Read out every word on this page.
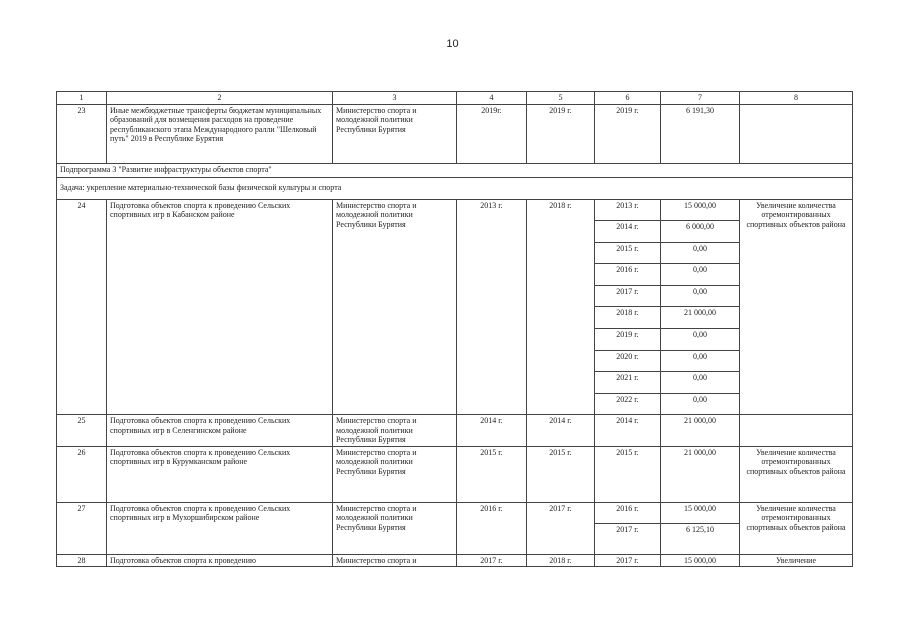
10
1	2	3	4	5	6	7	8
23	Иные межбюджетные трансферты бюджетам муниципальных образований для возмещения расходов на проведение республиканского этапа Международного ралли "Шелковый путь" 2019 в Республике Бурятия	Министерство спорта и молодежной политики Республики Бурятия	2019г.	2019 г.	2019 г.	6 191,30	
Подпрограмма 3 "Развитие инфраструктуры объектов спорта"							
Задача: укрепление материально-технической базы физической культуры и спорта							
24	Подготовка объектов спорта к проведению Сельских спортивных игр в Кабанском районе	Министерство спорта и молодежной политики Республики Бурятия	2013 г.	2018 г.	2013 г.	15 000,00	Увеличение количества отремонтированных спортивных объектов района
					2014 г.	6 000,00	
					2015 г.	0,00	
					2016 г.	0,00	
					2017 г.	0,00	
					2018 г.	21 000,00	
					2019 г.	0,00	
					2020 г.	0,00	
					2021 г.	0,00	
					2022 г.	0,00	
25	Подготовка объектов спорта к проведению Сельских спортивных игр в Селенгинском районе	Министерство спорта и молодежной политики Республики Бурятия	2014 г.	2014 г.	2014 г.	21 000,00	
26	Подготовка объектов спорта к проведению Сельских спортивных игр в Курумканском районе	Министерство спорта и молодежной политики Республики Бурятия	2015 г.	2015 г.	2015 г.	21 000,00	Увеличение количества отремонтированных спортивных объектов района
27	Подготовка объектов спорта к проведению Сельских спортивных игр в Мухоршибирском районе	Министерство спорта и молодежной политики Республики Бурятия	2016 г.	2017 г.	2016 г.	15 000,00	Увеличение количества отремонтированных спортивных объектов района
					2017 г.	6 125,10	
28	Подготовка объектов спорта к проведению	Министерство спорта и	2017 г.	2018 г.	2017 г.	15 000,00	Увеличение
